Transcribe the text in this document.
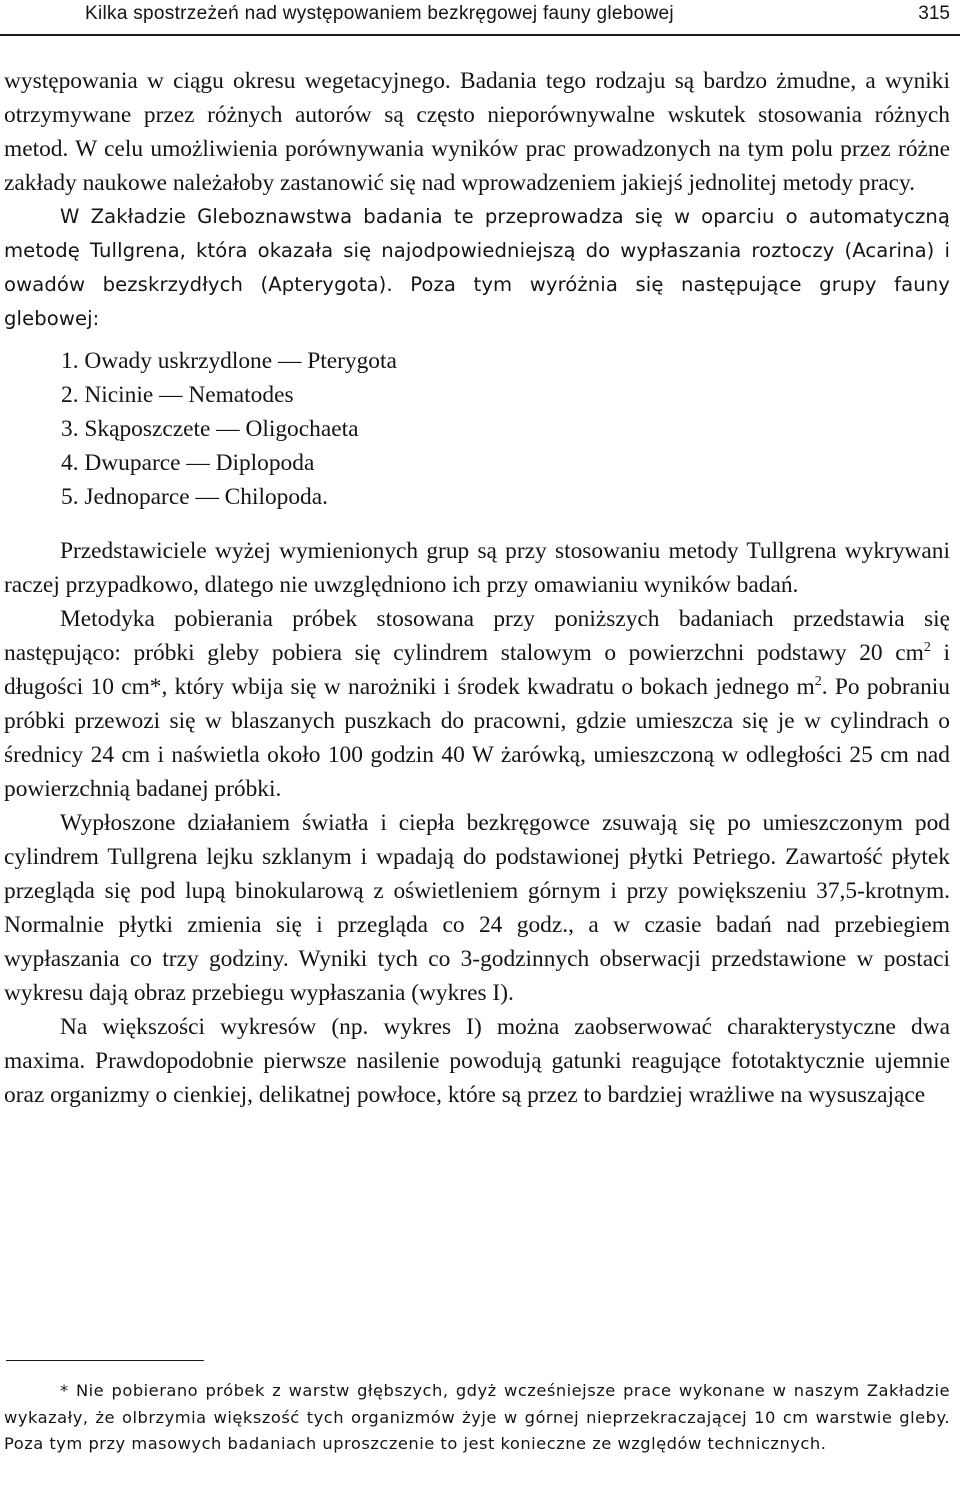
Kilka spostrzeżeń nad występowaniem bezkręgowej fauny glebowej	315

występowania w ciągu okresu wegetacyjnego. Badania tego rodzaju są bardzo żmudne, a wyniki otrzymywane przez różnych autorów są często nieporównywalne wskutek stosowania różnych metod. W celu umożliwienia porównywania wyników prac prowadzonych na tym polu przez różne zakłady naukowe należałoby zastanowić się nad wprowadzeniem jakiejś jednolitej metody pracy.

W Zakładzie Gleboznawstwa badania te przeprowadza się w oparciu o automatyczną metodę Tullgrena, która okazała się najodpowiedniejszą do wypłaszania roztoczy (Acarina) i owadów bezskrzydłych (Apterygota). Poza tym wyróżnia się następujące grupy fauny glebowej:

1. Owady uskrzydlone — Pterygota
2. Nicinie — Nematodes
3. Skąposzczete — Oligochaeta
4. Dwuparce — Diplopoda
5. Jednoparce — Chilopoda.

Przedstawiciele wyżej wymienionych grup są przy stosowaniu metody Tullgrena wykrywani raczej przypadkowo, dlatego nie uwzględniono ich przy omawianiu wyników badań.

Metodyka pobierania próbek stosowana przy poniższych badaniach przedstawia się następująco: próbki gleby pobiera się cylindrem stalowym o powierzchni podstawy 20 $cm^2$ i długości 10 cm*, który wbija się w narożniki i środek kwadratu o bokach jednego $m^2$. Po pobraniu próbki przewozi się w blaszanych puszkach do pracowni, gdzie umieszcza się je w cylindrach o średnicy 24 cm i naświetla około 100 godzin 40 W żarówką, umieszczoną w odległości 25 cm nad powierzchnią badanej próbki.

Wypłoszone działaniem światła i ciepła bezkręgowce zsuwają się po umieszczonym pod cylindrem Tullgrena lejku szklanym i wpadają do podstawionej płytki Petriego. Zawartość płytek przegląda się pod lupą binokularową z oświetleniem górnym i przy powiększeniu 37,5-krotnym. Normalnie płytki zmienia się i przegląda co 24 godz., a w czasie badań nad przebiegiem wypłaszania co trzy godziny. Wyniki tych co 3-godzinnych obserwacji przedstawione w postaci wykresu dają obraz przebiegu wypłaszania (wykres I).

Na większości wykresów (np. wykres I) można zaobserwować charakterystyczne dwa maxima. Prawdopodobnie pierwsze nasilenie powodują gatunki reagujące fototaktycznie ujemnie oraz organizmy o cienkiej, delikatnej powłoce, które są przez to bardziej wrażliwe na wysuszające

* Nie pobierano próbek z warstw głębszych, gdyż wcześniejsze prace wykonane w naszym Zakładzie wykazały, że olbrzymia większość tych organizmów żyje w górnej nieprzekraczającej 10 cm warstwie gleby. Poza tym przy masowych badaniach uproszczenie to jest konieczne ze względów technicznych.
